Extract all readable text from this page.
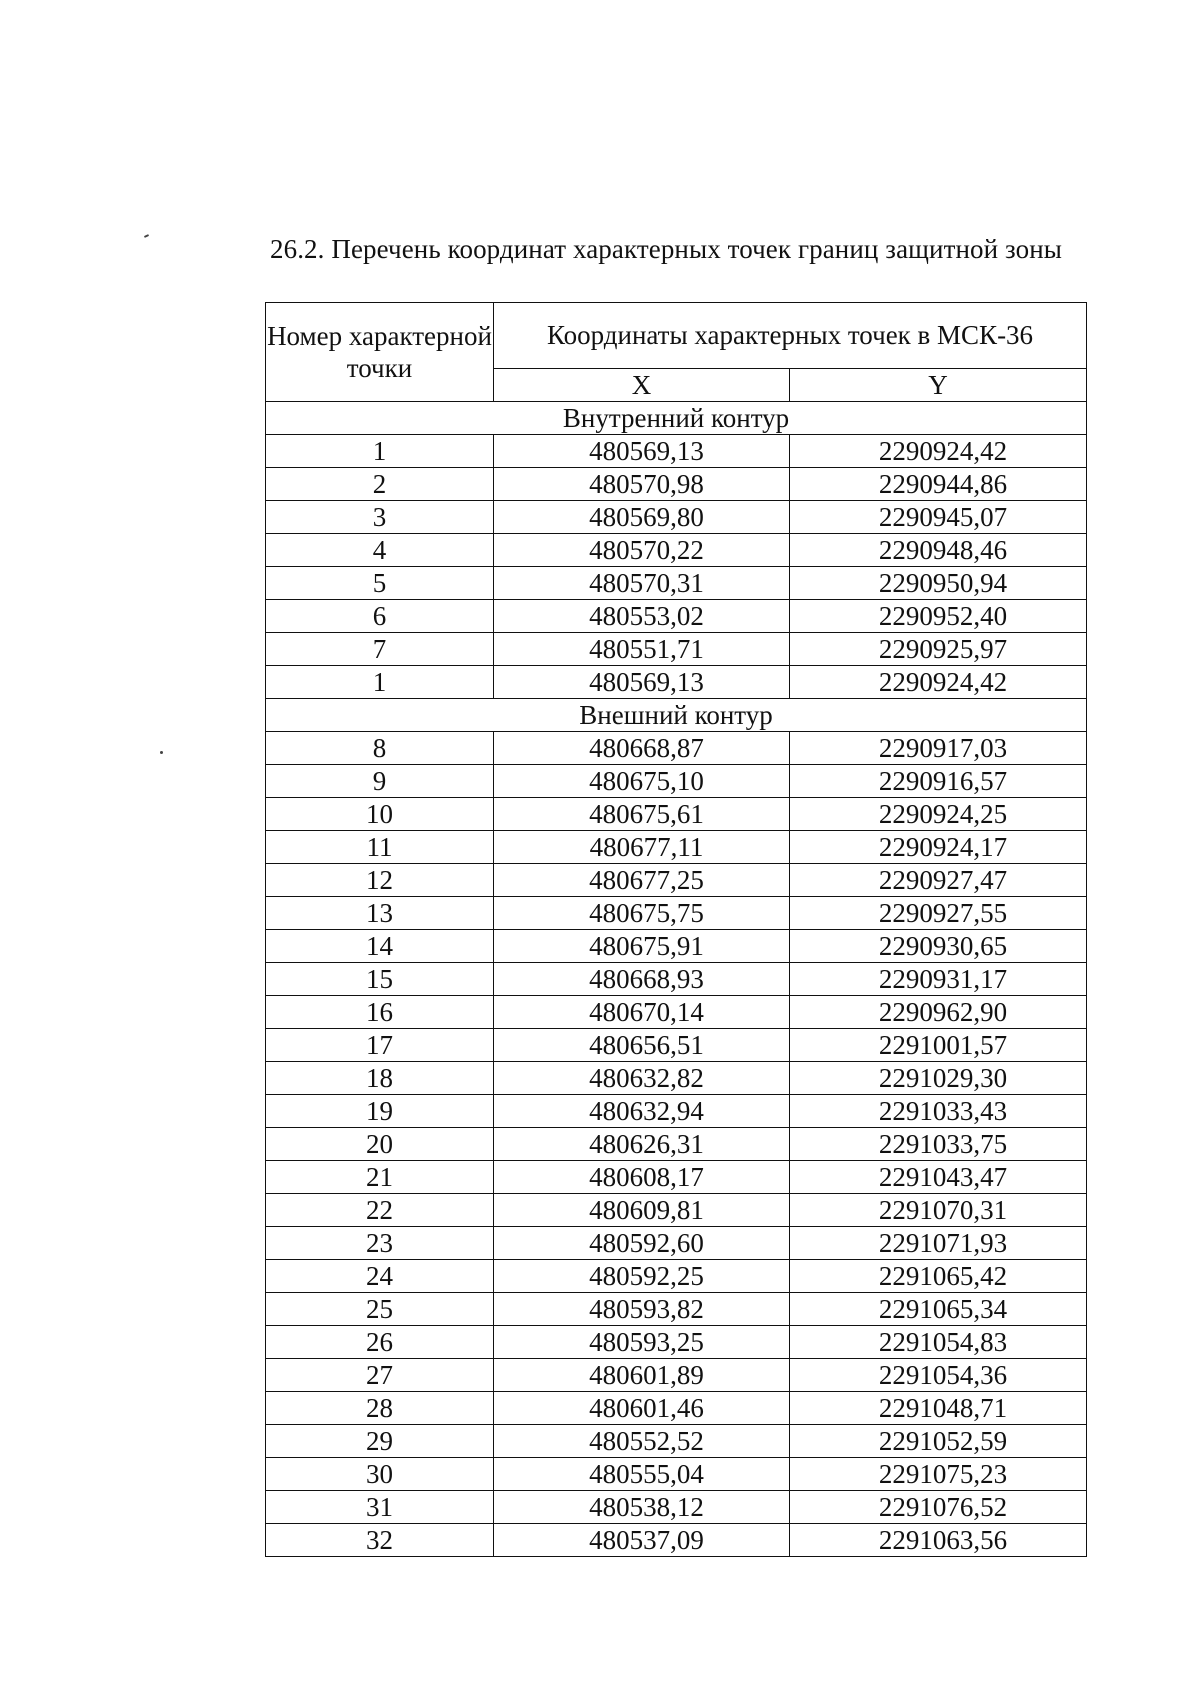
26.2. Перечень координат характерных точек границ защитной зоны
Номер характерной точки	Координаты характерных точек в МСК-36	
	X	Y
Внутренний контур		
1	480569,13	2290924,42
2	480570,98	2290944,86
3	480569,80	2290945,07
4	480570,22	2290948,46
5	480570,31	2290950,94
6	480553,02	2290952,40
7	480551,71	2290925,97
1	480569,13	2290924,42
Внешний контур		
8	480668,87	2290917,03
9	480675,10	2290916,57
10	480675,61	2290924,25
11	480677,11	2290924,17
12	480677,25	2290927,47
13	480675,75	2290927,55
14	480675,91	2290930,65
15	480668,93	2290931,17
16	480670,14	2290962,90
17	480656,51	2291001,57
18	480632,82	2291029,30
19	480632,94	2291033,43
20	480626,31	2291033,75
21	480608,17	2291043,47
22	480609,81	2291070,31
23	480592,60	2291071,93
24	480592,25	2291065,42
25	480593,82	2291065,34
26	480593,25	2291054,83
27	480601,89	2291054,36
28	480601,46	2291048,71
29	480552,52	2291052,59
30	480555,04	2291075,23
31	480538,12	2291076,52
32	480537,09	2291063,56
